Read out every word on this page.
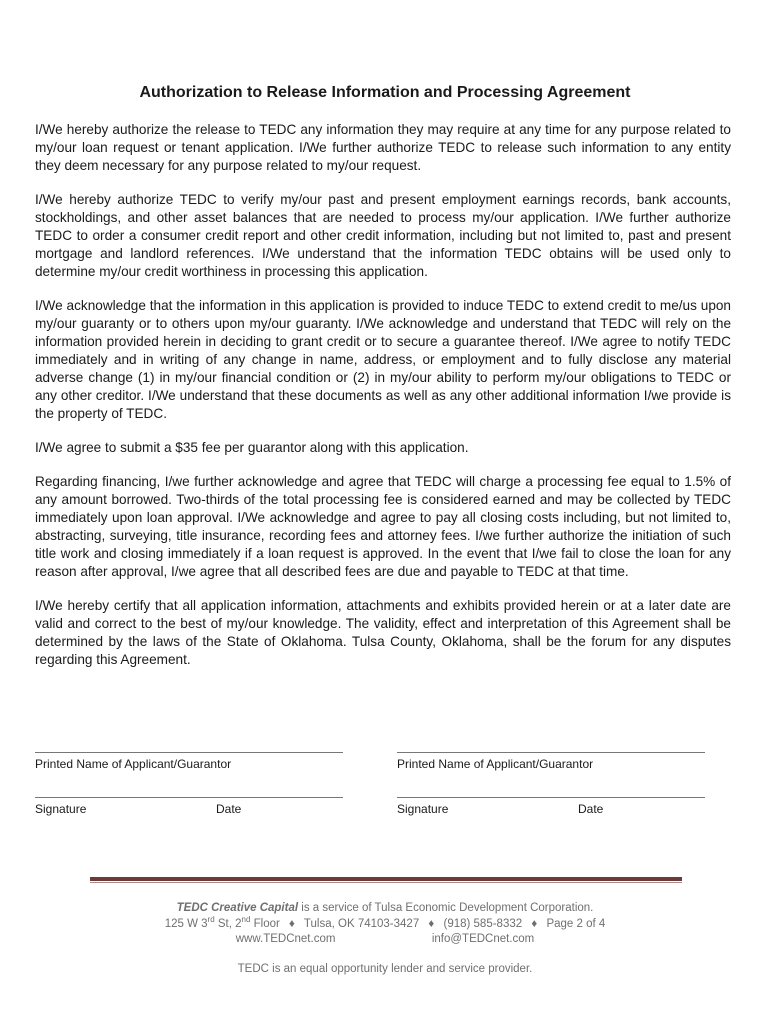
Authorization to Release Information and Processing Agreement

I/We hereby authorize the release to TEDC any information they may require at any time for any purpose related to my/our loan request or tenant application. I/We further authorize TEDC to release such information to any entity they deem necessary for any purpose related to my/our request.

I/We hereby authorize TEDC to verify my/our past and present employment earnings records, bank accounts, stockholdings, and other asset balances that are needed to process my/our application. I/We further authorize TEDC to order a consumer credit report and other credit information, including but not limited to, past and present mortgage and landlord references. I/We understand that the information TEDC obtains will be used only to determine my/our credit worthiness in processing this application.

I/We acknowledge that the information in this application is provided to induce TEDC to extend credit to me/us upon my/our guaranty or to others upon my/our guaranty. I/We acknowledge and understand that TEDC will rely on the information provided herein in deciding to grant credit or to secure a guarantee thereof. I/We agree to notify TEDC immediately and in writing of any change in name, address, or employment and to fully disclose any material adverse change (1) in my/our financial condition or (2) in my/our ability to perform my/our obligations to TEDC or any other creditor. I/We understand that these documents as well as any other additional information I/we provide is the property of TEDC.

I/We agree to submit a $35 fee per guarantor along with this application.

Regarding financing, I/we further acknowledge and agree that TEDC will charge a processing fee equal to 1.5% of any amount borrowed. Two-thirds of the total processing fee is considered earned and may be collected by TEDC immediately upon loan approval. I/We acknowledge and agree to pay all closing costs including, but not limited to, abstracting, surveying, title insurance, recording fees and attorney fees. I/we further authorize the initiation of such title work and closing immediately if a loan request is approved. In the event that I/we fail to close the loan for any reason after approval, I/we agree that all described fees are due and payable to TEDC at that time.

I/We hereby certify that all application information, attachments and exhibits provided herein or at a later date are valid and correct to the best of my/our knowledge. The validity, effect and interpretation of this Agreement shall be determined by the laws of the State of Oklahoma. Tulsa County, Oklahoma, shall be the forum for any disputes regarding this Agreement.

Printed Name of Applicant/Guarantor	Printed Name of Applicant/Guarantor
Signature	Date	Signature	Date
TEDC Creative Capital is a service of Tulsa Economic Development Corporation.
125 W 3rd St, 2nd Floor ♦ Tulsa, OK 74103-3427 ♦ (918) 585-8332 ♦ Page 2 of 4
www.TEDCnet.com	info@TEDCnet.com
TEDC is an equal opportunity lender and service provider.
